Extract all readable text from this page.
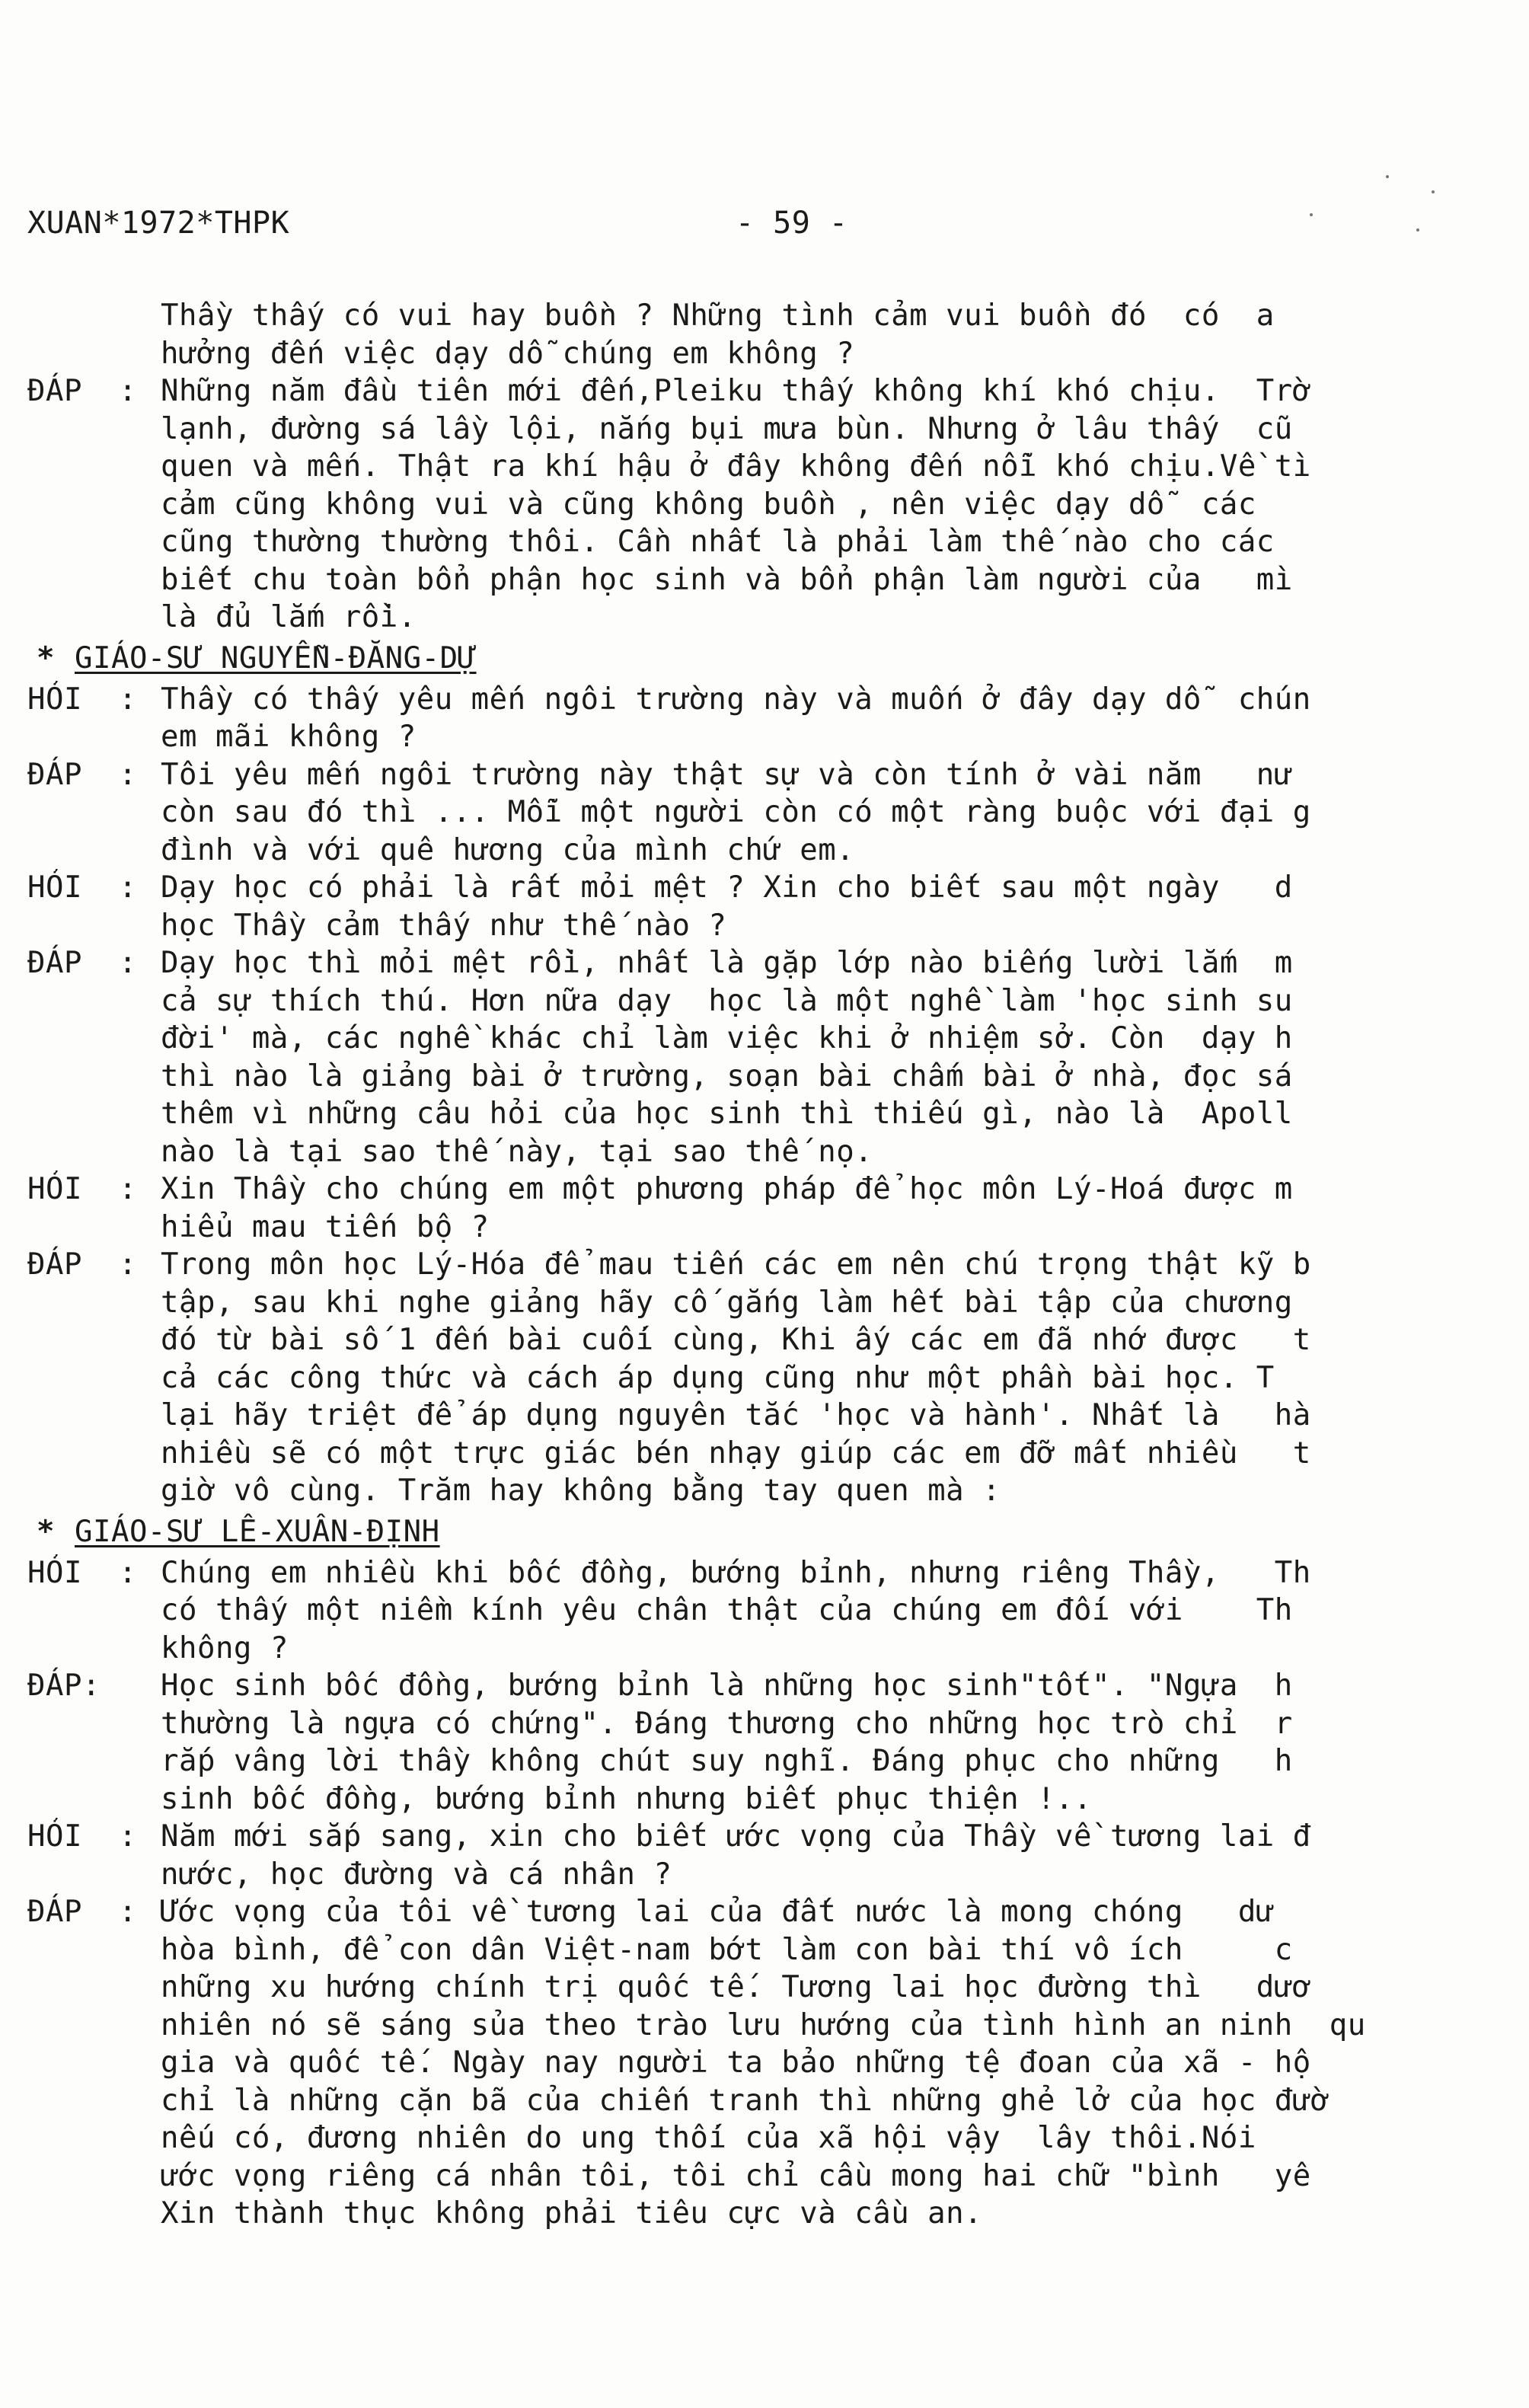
XUAN*1972*THPK	- 59 -
Thầy thấy có vui hay buồn ? Những tình cảm vui buồn đó  có  a
hưởng đến việc dạy dỗ chúng em không ?
ĐÁP  : Những năm đầu tiên mới đến,Pleiku thấy không khí khó chịu.  Trờ
lạnh, đường sá lầy lội, nắng bụi mưa bùn. Nhưng ở lâu thấy  cũ
quen và mến. Thật ra khí hậu ở đây không đến nỗi khó chịu.Về tì
cảm cũng không vui và cũng không buồn , nên việc dạy dỗ  các
cũng thường thường thôi. Cần nhất là phải làm thế nào cho các
biết chu toàn bổn phận học sinh và bổn phận làm người của   mì
là đủ lắm rồi.
* GIÁO-SƯ NGUYỄN-ĐĂNG-DỰ
HỎI  : Thầy có thấy yêu mến ngôi trường này và muốn ở đây dạy dỗ  chún
em mãi không ?
ĐÁP  : Tôi yêu mến ngôi trường này thật sự và còn tính ở vài năm   nư
còn sau đó thì ... Mỗi một người còn có một ràng buộc với đại g
đình và với quê hương của mình chứ em.
HỎI  : Dạy học có phải là rất mỏi mệt ? Xin cho biết sau một ngày   d
học Thầy cảm thấy như thế nào ?
ĐÁP  : Dạy học thì mỏi mệt rồi, nhất là gặp lớp nào biếng lười lắm  m
cả sự thích thú. Hơn nữa dạy  học là một nghề làm 'học sinh su
đời' mà, các nghề khác chỉ làm việc khi ở nhiệm sở. Còn  dạy h
thì nào là giảng bài ở trường, soạn bài chấm bài ở nhà, đọc sá
thêm vì những câu hỏi của học sinh thì thiếu gì, nào là  Apoll
nào là tại sao thế này, tại sao thế nọ.
HỎI  : Xin Thầy cho chúng em một phương pháp để học môn Lý-Hoá được m
hiểu mau tiến bộ ?
ĐÁP  : Trong môn học Lý-Hóa để mau tiến các em nên chú trọng thật kỹ b
tập, sau khi nghe giảng hãy cố gắng làm hết bài tập của chương
đó từ bài số 1 đến bài cuối cùng, Khi ấy các em đã nhớ được   t
cả các công thức và cách áp dụng cũng như một phần bài học. T
lại hãy triệt để áp dụng nguyên tắc 'học và hành'. Nhất là   hà
nhiều sẽ có một trực giác bén nhạy giúp các em đỡ mất nhiều   t
giờ vô cùng. Trăm hay không bằng tay quen mà :
* GIÁO-SƯ LÊ-XUÂN-ĐỊNH
HỎI  : Chúng em nhiều khi bốc đồng, bướng bỉnh, nhưng riêng Thầy,   Th
có thấy một niềm kính yêu chân thật của chúng em đối với    Th
không ?
ĐÁP:	Học sinh bốc đồng, bướng bỉnh là những học sinh"tốt". "Ngựa  h
thường là ngựa có chứng". Đáng thương cho những học trò chỉ  r
rắp vâng lời thầy không chút suy nghĩ. Đáng phục cho những   h
sinh bốc đồng, bướng bỉnh nhưng biết phục thiện !..
HỎI  : Năm mới sắp sang, xin cho biết ước vọng của Thầy về tương lai đ
nước, học đường và cá nhân ?
ĐÁP  : Ước vọng của tôi về tương lai của đất nước là mong chóng   dư
hòa bình, để con dân Việt-nam bớt làm con bài thí vô ích     c
những xu hướng chính trị quốc tế. Tương lai học đường thì   dươ
nhiên nó sẽ sáng sủa theo trào lưu hướng của tình hình an ninh  qu
gia và quốc tế. Ngày nay người ta bảo những tệ đoan của xã - hộ
chỉ là những cặn bã của chiến tranh thì những ghẻ lở của học đườ
nếu có, đương nhiên do ung thối của xã hội vậy  lây thôi.Nói
ước vọng riêng cá nhân tôi, tôi chỉ cầu mong hai chữ "bình   yê
Xin thành thục không phải tiêu cực và cầu an.
